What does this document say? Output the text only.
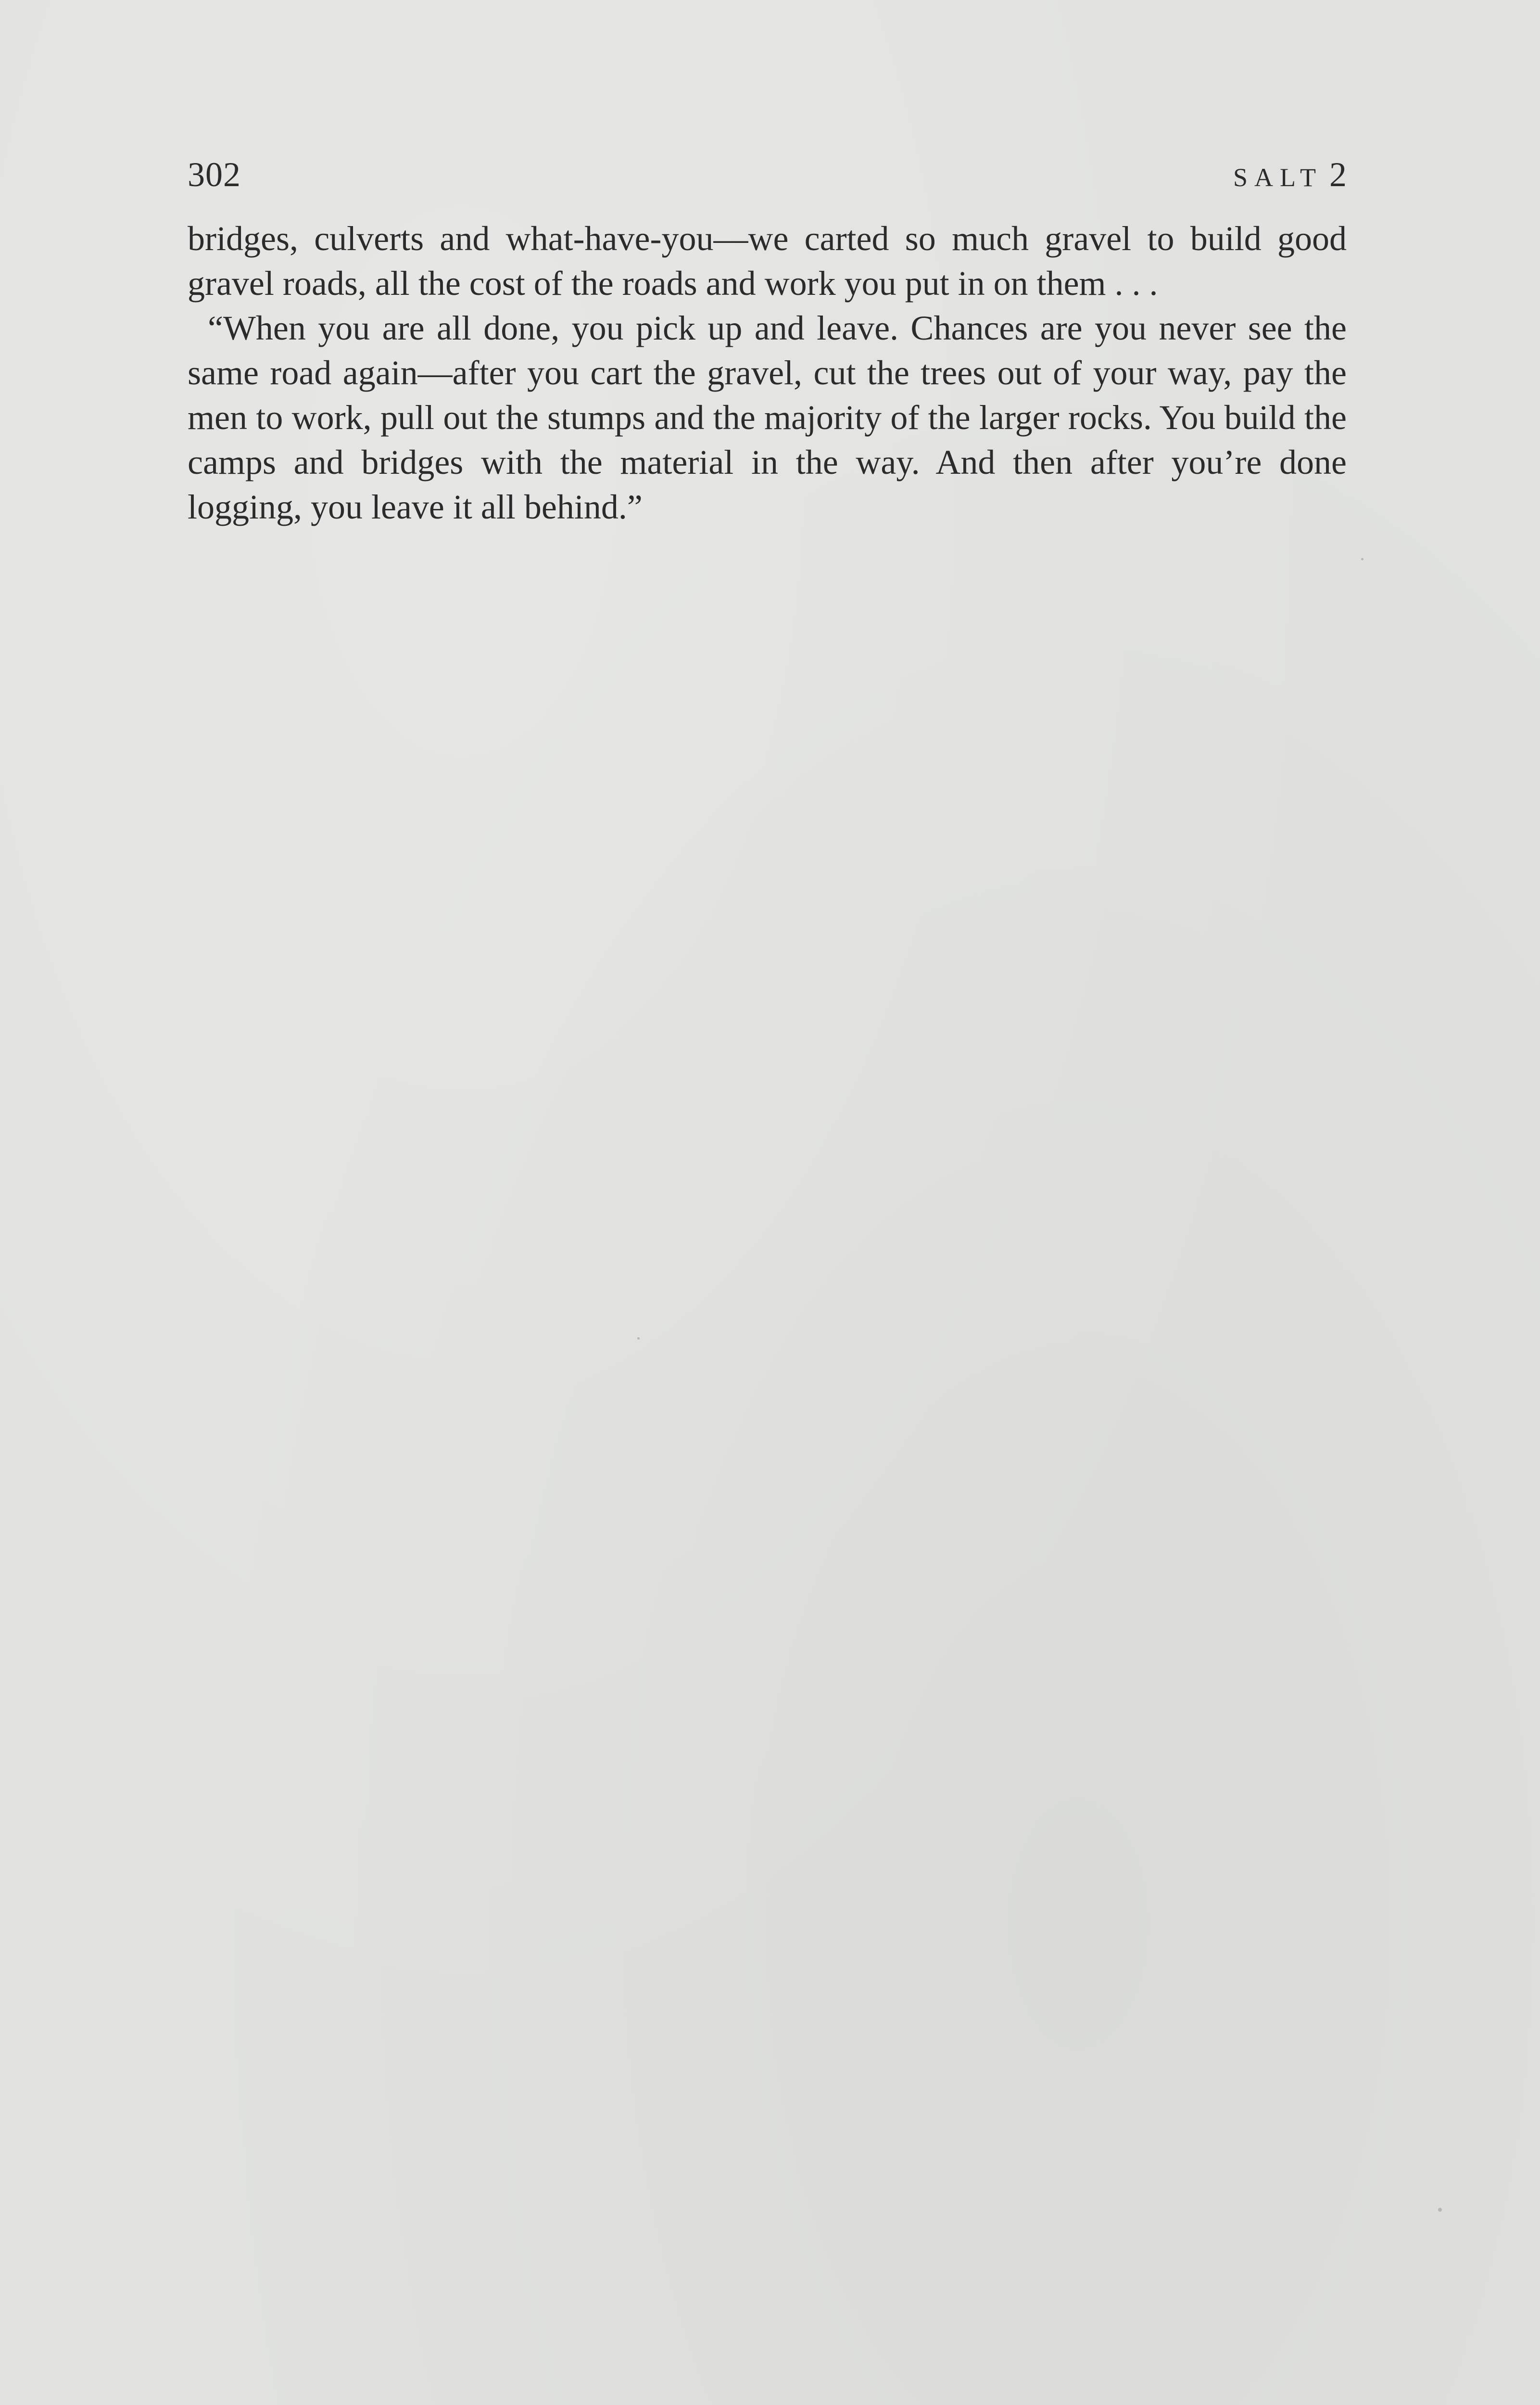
302	SALT 2

bridges, culverts and what-have-you—we carted so much gravel to build good gravel roads, all the cost of the roads and work you put in on them . . .

“When you are all done, you pick up and leave. Chances are you never see the same road again—after you cart the gravel, cut the trees out of your way, pay the men to work, pull out the stumps and the majority of the larger rocks. You build the camps and bridges with the material in the way. And then after you’re done logging, you leave it all behind.”
